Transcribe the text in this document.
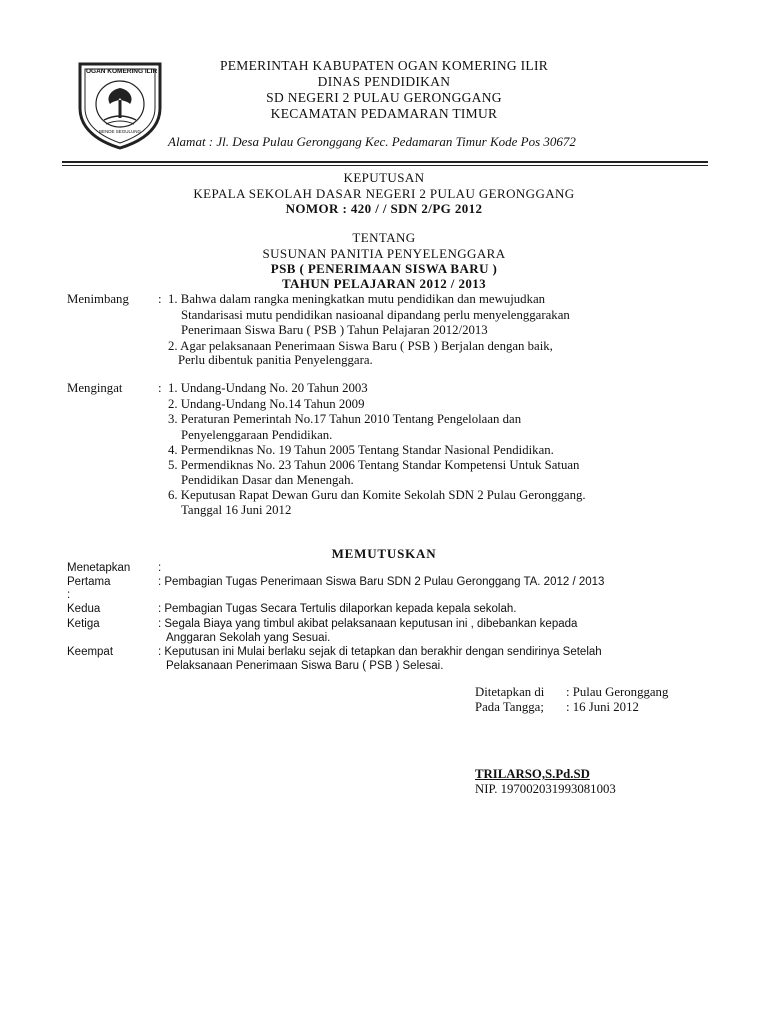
OGAN KOMERING ILIR
BENDE SEGULUNG
PEMERINTAH KABUPATEN OGAN KOMERING ILIR
DINAS PENDIDIKAN
SD NEGERI 2 PULAU GERONGGANG
KECAMATAN PEDAMARAN TIMUR
Alamat : Jl. Desa Pulau Geronggang Kec. Pedamaran Timur Kode Pos 30672
KEPUTUSAN
KEPALA SEKOLAH DASAR NEGERI 2 PULAU GERONGGANG
NOMOR : 420 / / SDN 2/PG 2012
TENTANG
SUSUNAN PANITIA PENYELENGGARA
PSB ( PENERIMAAN SISWA BARU )
TAHUN PELAJARAN 2012 / 2013
Menimbang : 1. Bahwa dalam rangka meningkatkan mutu pendidikan dan mewujudkan
Standarisasi mutu pendidikan nasioanal dipandang perlu menyelenggarakan
Penerimaan Siswa Baru ( PSB ) Tahun Pelajaran 2012/2013
2. Agar pelaksanaan Penerimaan Siswa Baru ( PSB ) Berjalan dengan baik,
Perlu dibentuk panitia Penyelenggara.
Mengingat	: 1. Undang-Undang No. 20 Tahun 2003
2. Undang-Undang No.14 Tahun 2009
3. Peraturan Pemerintah No.17 Tahun 2010 Tentang Pengelolaan dan
Penyelenggaraan Pendidikan.
4. Permendiknas No. 19 Tahun 2005 Tentang Standar Nasional Pendidikan.
5. Permendiknas No. 23 Tahun 2006 Tentang Standar Kompetensi Untuk Satuan
Pendidikan Dasar dan Menengah.
6. Keputusan Rapat Dewan Guru dan Komite Sekolah SDN 2 Pulau Geronggang.
Tanggal 16 Juni 2012
MEMUTUSKAN
Menetapkan :
Pertama	: Pembagian Tugas Penerimaan Siswa Baru SDN 2 Pulau Geronggang TA. 2012 / 2013
:
Kedua	: Pembagian Tugas Secara Tertulis dilaporkan kepada kepala sekolah.
Ketiga	: Segala Biaya yang timbul akibat pelaksanaan keputusan ini , dibebankan kepada
Anggaran Sekolah yang Sesuai.
Keempat	: Keputusan ini Mulai berlaku sejak di tetapkan dan berakhir dengan sendirinya Setelah
Pelaksanaan Penerimaan Siswa Baru ( PSB ) Selesai.
Ditetapkan di : Pulau Geronggang
Pada Tangga; : 16 Juni 2012
TRILARSO,S.Pd.SD
NIP. 197002031993081003
